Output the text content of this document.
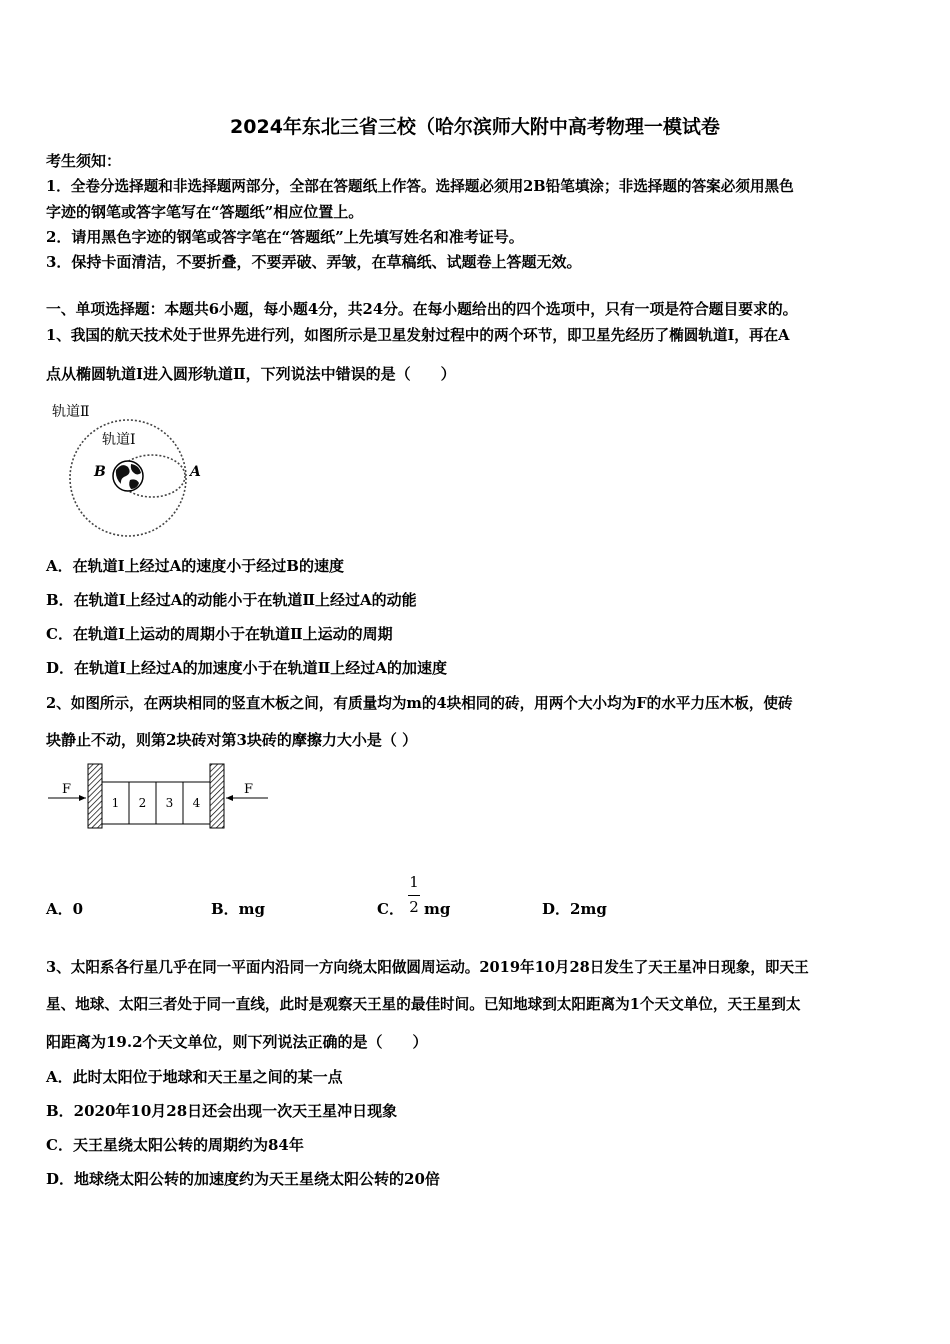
2024年东北三省三校（哈尔滨师大附中高考物理一模试卷
考生须知：
1．全卷分选择题和非选择题两部分，全部在答题纸上作答。选择题必须用2B铅笔填涂；非选择题的答案必须用黑色
字迹的钢笔或答字笔写在“答题纸”相应位置上。
2．请用黑色字迹的钢笔或答字笔在“答题纸”上先填写姓名和准考证号。
3．保持卡面清洁，不要折叠，不要弄破、弄皱，在草稿纸、试题卷上答题无效。
一、单项选择题：本题共6小题，每小题4分，共24分。在每小题给出的四个选项中，只有一项是符合题目要求的。
1、我国的航天技术处于世界先进行列，如图所示是卫星发射过程中的两个环节，即卫星先经历了椭圆轨道I，再在A
点从椭圆轨道I进入圆形轨道Ⅱ，下列说法中错误的是（　　）
轨道Ⅱ
轨道Ⅰ
B	A
A．在轨道I上经过A的速度小于经过B的速度
B．在轨道I上经过A的动能小于在轨道Ⅱ上经过A的动能
C．在轨道I上运动的周期小于在轨道Ⅱ上运动的周期
D．在轨道I上经过A的加速度小于在轨道Ⅱ上经过A的加速度
2、如图所示，在两块相同的竖直木板之间，有质量均为m的4块相同的砖，用两个大小均为F的水平力压木板，使砖
块静止不动，则第2块砖对第3块砖的摩擦力大小是（ ）
F
1 2 3 4
F
A．0	B．mg	C．
1
2 mg	D．2mg
3、太阳系各行星几乎在同一平面内沿同一方向绕太阳做圆周运动。2019年10月28日发生了天王星冲日现象，即天王
星、地球、太阳三者处于同一直线，此时是观察天王星的最佳时间。已知地球到太阳距离为1个天文单位，天王星到太
阳距离为19.2个天文单位，则下列说法正确的是（　　）
A．此时太阳位于地球和天王星之间的某一点
B．2020年10月28日还会出现一次天王星冲日现象
C．天王星绕太阳公转的周期约为84年
D．地球绕太阳公转的加速度约为天王星绕太阳公转的20倍
